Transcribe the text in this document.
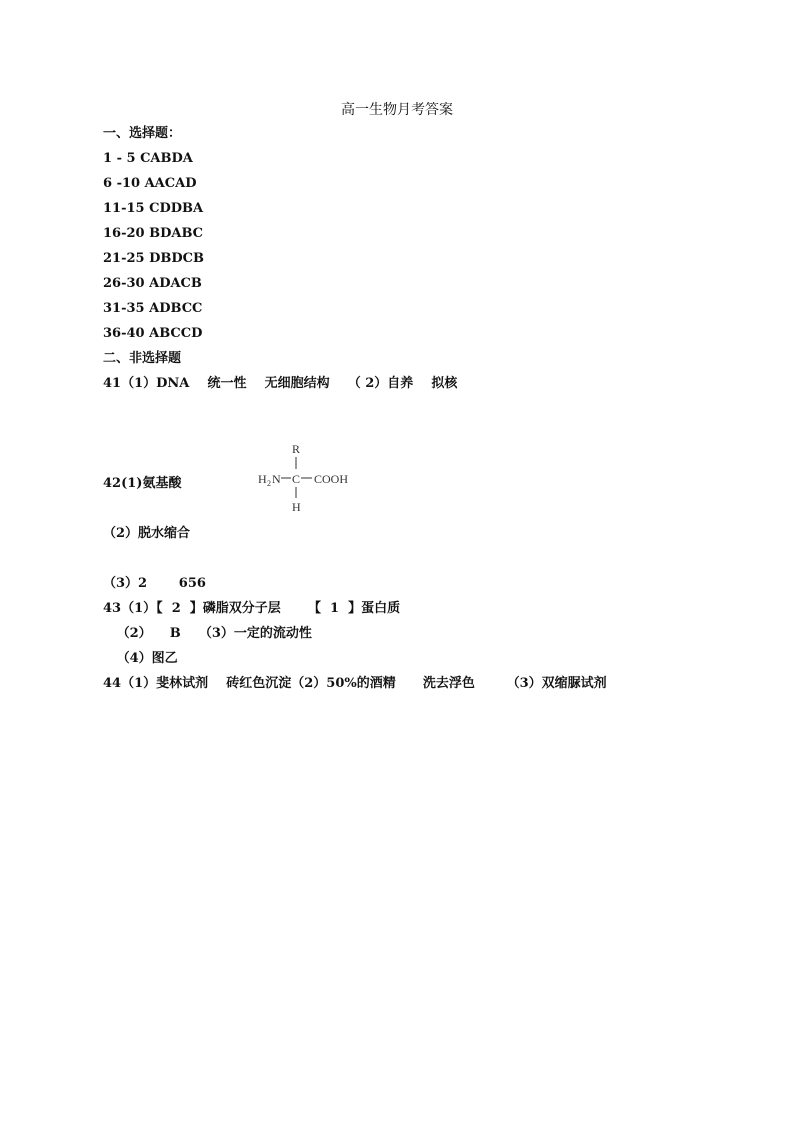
高一生物月考答案
一、选择题：
1 - 5 CABDA
6 -10 AACAD
11-15 CDDBA
16-20 BDABC
21-25 DBDCB
26-30 ADACB
31-35 ADBCC
36-40 ABCCD
二、非选择题
41（1）DNA    统一性    无细胞结构    （ 2）自养    拟核
42(1)氨基酸
R
H 2 N C COOH
H
（2）脱水缩合
（3）2       656
43（1）【  2  】磷脂双分子层      【  1  】蛋白质
（2）    B    （3）一定的流动性
（4）图乙
44（1）斐林试剂    砖红色沉淀（2）50%的酒精      洗去浮色       （3）双缩脲试剂
